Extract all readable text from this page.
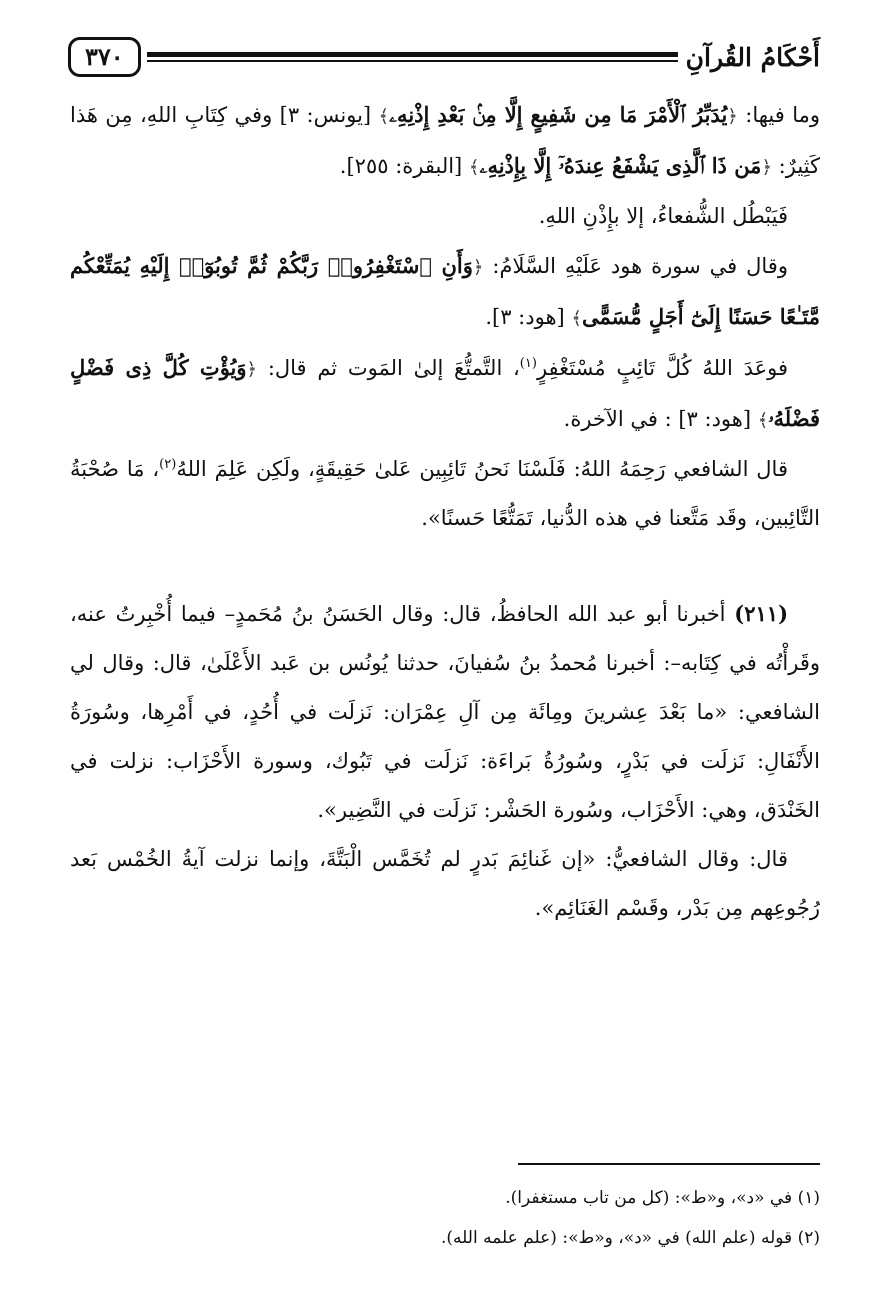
أَحْكَامُ القُرآنِ
٣٧٠

وما فيها: ﴿يُدَبِّرُ ٱلْأَمْرَ مَا مِن شَفِيعٍ إِلَّا مِنۢ بَعْدِ إِذْنِهِۦ﴾ [يونس: ٣] وفي كِتَابِ اللهِ، مِن هَذا كَثِيرٌ: ﴿مَن ذَا ٱلَّذِى يَشْفَعُ عِندَهُۥٓ إِلَّا بِإِذْنِهِۦ﴾ [البقرة: ٢٥٥].

فَيَبْطُل الشُّفعاءُ، إلا بإِذْنِ اللهِ.

وقال في سورة هود عَلَيْهِ السَّلَامُ: ﴿وَأَنِ ٱسْتَغْفِرُوا۟ رَبَّكُمْ ثُمَّ تُوبُوٓا۟ إِلَيْهِ يُمَتِّعْكُم مَّتَـٰعًا حَسَنًا إِلَىٰٓ أَجَلٍ مُّسَمًّى﴾ [هود: ٣].

فوعَدَ اللهُ كُلَّ تَائِبٍ مُسْتَغْفِرٍ$^{(١)}$، التَّمتُّعَ إلىٰ المَوت ثم قال: ﴿وَيُؤْتِ كُلَّ ذِى فَضْلٍ فَضْلَهُۥ﴾ [هود: ٣] : في الآخرة.

قال الشافعي رَحِمَهُ اللهُ: فَلَسْنَا نَحنُ تَائِبِين عَلىٰ حَقِيقَةٍ، ولَكِن عَلِمَ اللهُ$^{(٢)}$، مَا صُحْبَةُ التَّائِبين، وقَد مَتَّعنا في هذه الدُّنيا، تَمَتُّعًا حَسنًا».

(٢١١) أخبرنا أبو عبد الله الحافظُ، قال: وقال الحَسَنُ بنُ مُحَمدٍ– فيما أُخْبِرتُ عنه، وقَرأْتُه في كِتَابه–: أخبرنا مُحمدُ بنُ سُفيانَ، حدثنا يُونُس بن عَبد الأَعْلَىٰ، قال: وقال لي الشافعي: «ما بَعْدَ عِشرينَ ومِائَة مِن آلِ عِمْرَان: نَزلَت في أُحُدٍ، في أَمْرِها، وسُورَةُ الأَنْفَالِ: نَزلَت في بَدْرٍ، وسُورُةُ بَراءَة: نَزلَت في تَبُوك، وسورة الأَحْزَاب: نزلت في الخَنْدَق، وهي: الأَحْزَاب، وسُورة الحَشْر: نَزلَت في النَّضِير».

قال: وقال الشافعيُّ: «إن غَنائِمَ بَدرٍ لم تُخَمَّس الْبَتَّةَ، وإنما نزلت آيةُ الخُمْس بَعد رُجُوعِهم مِن بَدْر، وقَسْم الغَنَائِم».

(١) في «د»، و«ط»: (كل من تاب مستغفرا).

(٢) قوله (علم الله) في «د»، و«ط»: (علم علمه الله).
